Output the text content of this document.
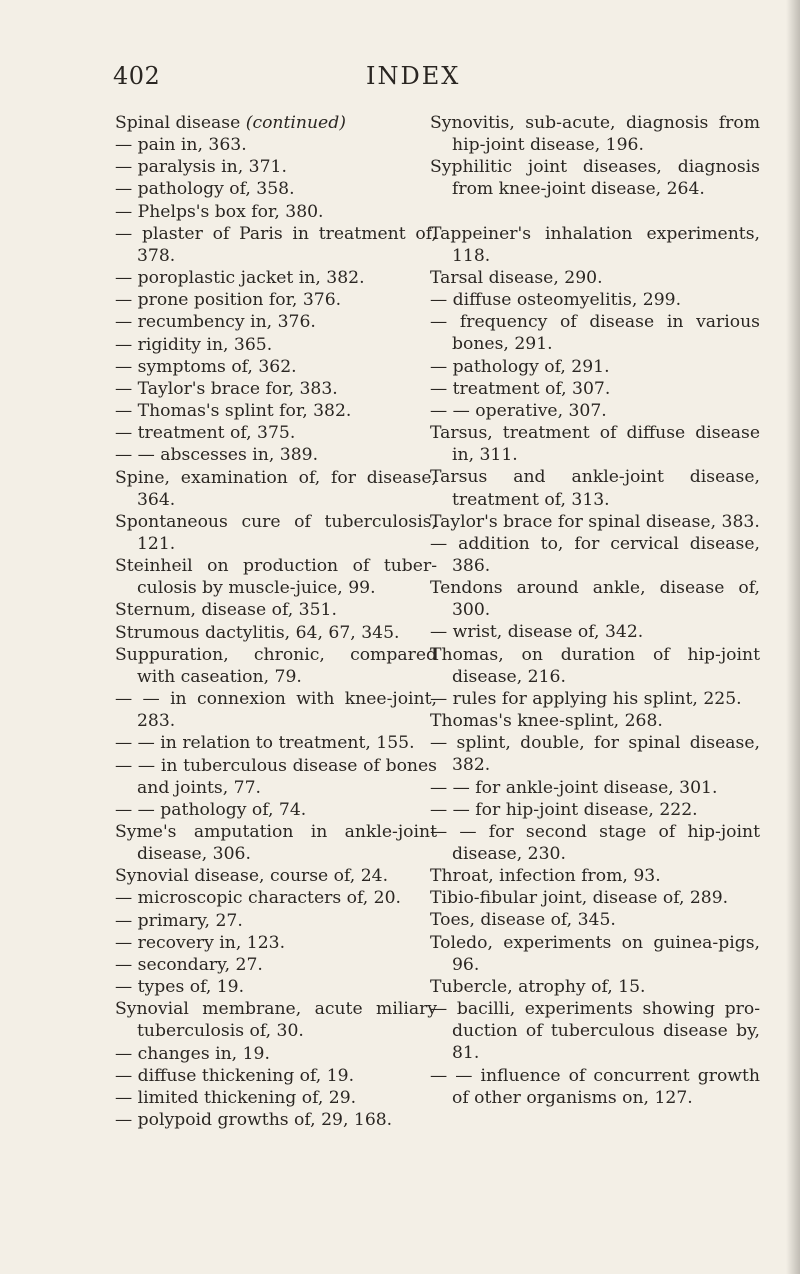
402	INDEX
Spinal disease (continued)
— pain in, 363.
— paralysis in, 371.
— pathology of, 358.
— Phelps's box for, 380.
— plaster of Paris in treatment of, 378.
— poroplastic jacket in, 382.
— prone position for, 376.
— recumbency in, 376.
— rigidity in, 365.
— symptoms of, 362.
— Taylor's brace for, 383.
— Thomas's splint for, 382.
— treatment of, 375.
— — abscesses in, 389.
Spine, examination of, for disease, 364.
Spontaneous cure of tuberculosis, 121.
Steinheil on production of tuberculosis by muscle-juice, 99.
Sternum, disease of, 351.
Strumous dactylitis, 64, 67, 345.
Suppuration, chronic, compared with caseation, 79.
— — in connexion with knee-joint, 283.
— — in relation to treatment, 155.
— — in tuberculous disease of bones and joints, 77.
— — pathology of, 74.
Syme's amputation in ankle-joint disease, 306.
Synovial disease, course of, 24.
— microscopic characters of, 20.
— primary, 27.
— recovery in, 123.
— secondary, 27.
— types of, 19.
Synovial membrane, acute miliary tuberculosis of, 30.
— changes in, 19.
— diffuse thickening of, 19.
— limited thickening of, 29.
— polypoid growths of, 29, 168.
Synovitis, sub-acute, diagnosis from hip-joint disease, 196.
Syphilitic joint diseases, diagnosis from knee-joint disease, 264.
Tappeiner's inhalation experiments, 118.
Tarsal disease, 290.
— diffuse osteomyelitis, 299.
— frequency of disease in various bones, 291.
— pathology of, 291.
— treatment of, 307.
— — operative, 307.
Tarsus, treatment of diffuse disease in, 311.
Tarsus and ankle-joint disease, treatment of, 313.
Taylor's brace for spinal disease, 383.
— addition to, for cervical disease, 386.
Tendons around ankle, disease of, 300.
— wrist, disease of, 342.
Thomas, on duration of hip-joint disease, 216.
— rules for applying his splint, 225.
Thomas's knee-splint, 268.
— splint, double, for spinal disease, 382.
— — for ankle-joint disease, 301.
— — for hip-joint disease, 222.
— — for second stage of hip-joint disease, 230.
Throat, infection from, 93.
Tibio-fibular joint, disease of, 289.
Toes, disease of, 345.
Toledo, experiments on guinea-pigs, 96.
Tubercle, atrophy of, 15.
— bacilli, experiments showing production of tuberculous disease by, 81.
— — influence of concurrent growth of other organisms on, 127.
